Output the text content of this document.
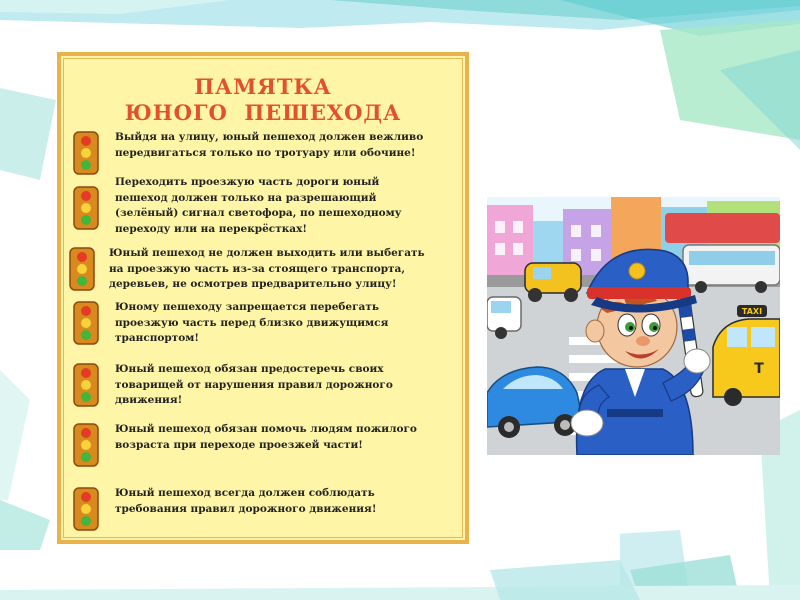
ПАМЯТКА
ЮНОГО  ПЕШЕХОДА
Выйдя на улицу, юный пешеход должен вежливо
передвигаться только по тротуару или обочине!
Переходить проезжую часть дороги юный
пешеход должен только на разрешающий
(зелёный) сигнал светофора, по пешеходному
переходу или на перекрёстках!
Юный пешеход не должен выходить или выбегать
на проезжую часть из-за стоящего транспорта,
деревьев, не осмотрев предварительно улицу!
Юному пешеходу запрещается перебегать
проезжую часть перед близко движущимся
транспортом!
Юный пешеход обязан предостеречь своих
товарищей от нарушения правил дорожного
движения!
Юный пешеход обязан помочь людям пожилого
возраста при переходе проезжей части!
Юный пешеход всегда должен соблюдать
требования правил дорожного движения!
TAXI
T
